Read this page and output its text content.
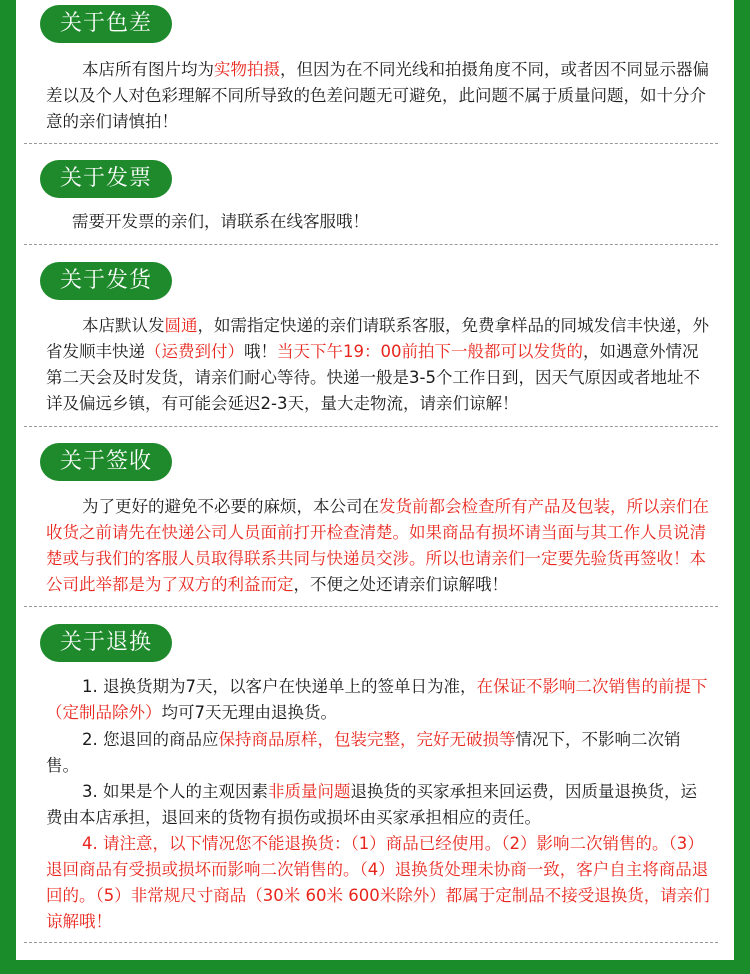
关于色差

本店所有图片均为实物拍摄，但因为在不同光线和拍摄角度不同，或者因不同显示器偏差以及个人对色彩理解不同所导致的色差问题无可避免，此问题不属于质量问题，如十分介意的亲们请慎拍！

关于发票

需要开发票的亲们，请联系在线客服哦！

关于发货

本店默认发圆通，如需指定快递的亲们请联系客服，免费拿样品的同城发信丰快递，外省发顺丰快递（运费到付）哦！当天下午19：00前拍下一般都可以发货的，如遇意外情况第二天会及时发货，请亲们耐心等待。快递一般是3-5个工作日到，因天气原因或者地址不详及偏远乡镇，有可能会延迟2-3天，量大走物流，请亲们谅解！

关于签收

为了更好的避免不必要的麻烦，本公司在发货前都会检查所有产品及包装，所以亲们在收货之前请先在快递公司人员面前打开检查清楚。如果商品有损坏请当面与其工作人员说清楚或与我们的客服人员取得联系共同与快递员交涉。所以也请亲们一定要先验货再签收！本公司此举都是为了双方的利益而定，不便之处还请亲们谅解哦！

关于退换

1. 退换货期为7天，以客户在快递单上的签单日为准，在保证不影响二次销售的前提下（定制品除外）均可7天无理由退换货。

2. 您退回的商品应保持商品原样，包装完整，完好无破损等情况下，不影响二次销售。

3. 如果是个人的主观因素非质量问题退换货的买家承担来回运费，因质量退换货，运费由本店承担，退回来的货物有损伤或损坏由买家承担相应的责任。

4. 请注意，以下情况您不能退换货：（1）商品已经使用。（2）影响二次销售的。（3）退回商品有受损或损坏而影响二次销售的。（4）退换货处理未协商一致，客户自主将商品退回的。（5）非常规尺寸商品（30米 60米 600米除外）都属于定制品不接受退换货，请亲们谅解哦！
